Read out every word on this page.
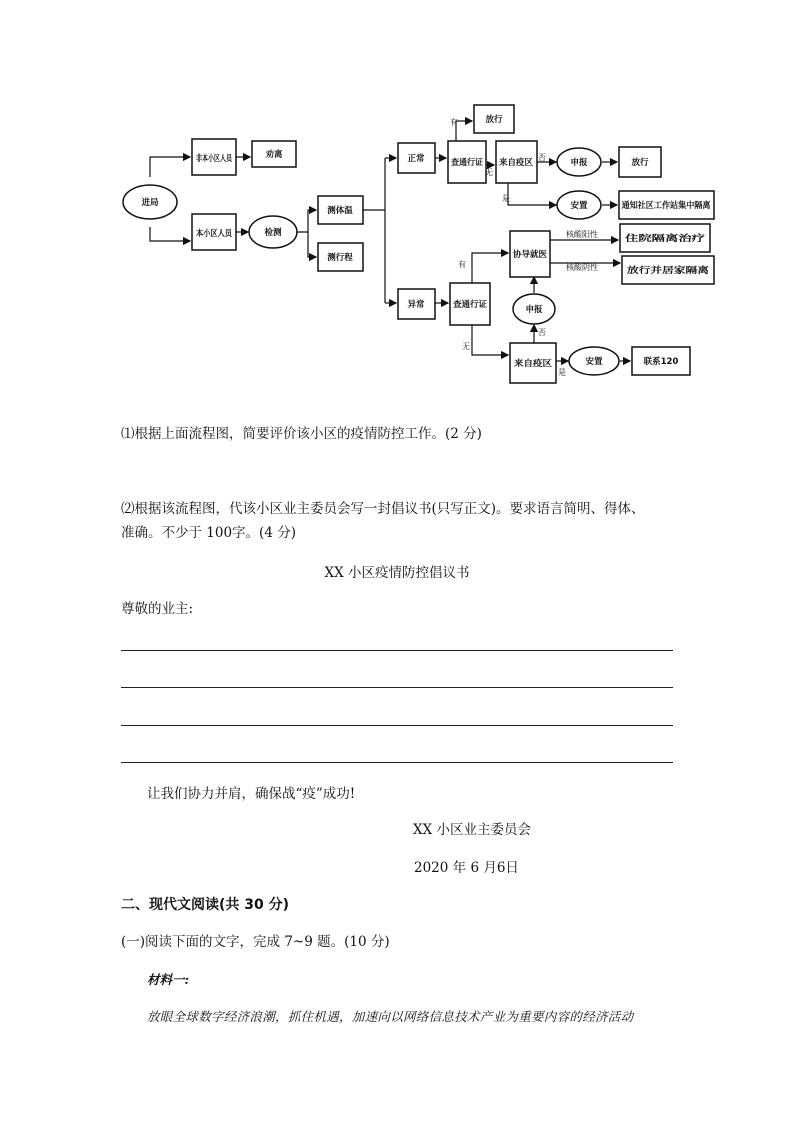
进局
非本小区人员 劝离
本小区人员	检测
测体温
测行程
正常	查通行证
放行
来自疫区	申报	放行
安置	通知社区工作站集中隔离
异常	查通行证
协导就医
申报
来自疫区	安置	联系120
住院隔离治疗
放行并居家隔离
有
无
否
是
有
无
否
是
核酸阳性
核酸阴性
⑴根据上面流程图，简要评价该小区的疫情防控工作。(2 分)
⑵根据该流程图，代该小区业主委员会写一封倡议书(只写正文)。要求语言简明、得体、
准确。不少于 100字。(4 分)
XX 小区疫情防控倡议书
尊敬的业主:
让我们协力并肩，确保战“疫”成功!
XX 小区业主委员会
2020 年 6 月6日
二、现代文阅读(共 30 分)
(一)阅读下面的文字，完成 7~9 题。(10 分)
材料一:
放眼全球数字经济浪潮，抓住机遇，加速向以网络信息技术产业为重要内容的经济活动
